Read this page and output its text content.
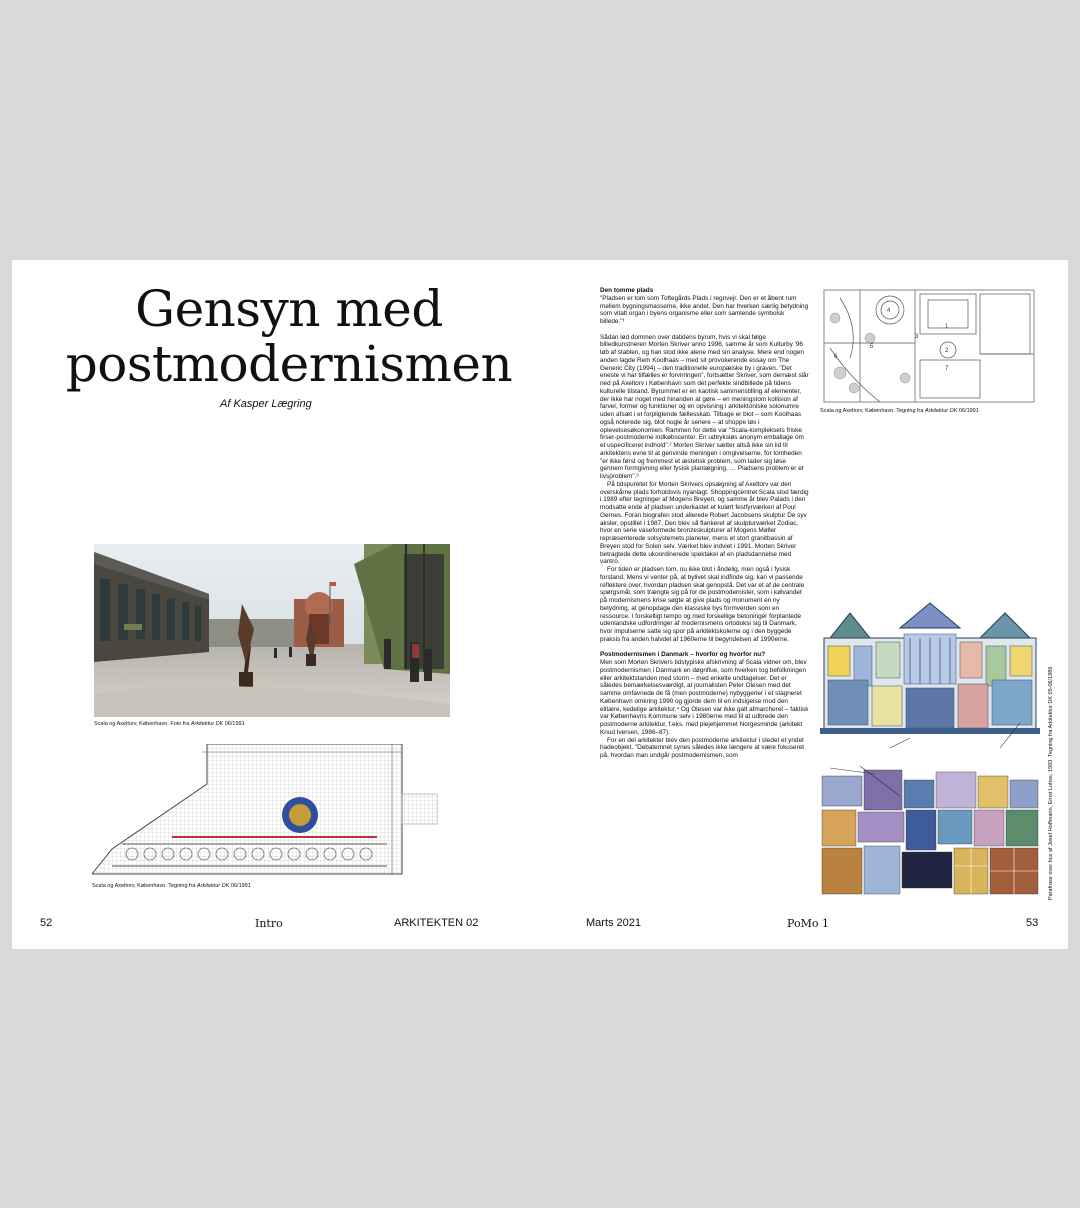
Gensyn med
postmodernismen
Af Kasper Lægring
Scala og Axeltorv, København. Foto fra Arkitektur DK 06/1991
Scala og Axeltorv, København. Tegning fra Arkitektur DK 06/1991
Den tomme plads

"Pladsen er tom som Toftegårds Plads i regnvejr. Den er et åbent rum mellem bygningsmasserne, ikke andet. Den har hverken særlig betydning som vitalt organ i byens organisme eller som samlende symbolsk billede."¹

Sådan lød dommen over datidens byrum, hvis vi skal følge billedkunstneren Morten Skriver anno 1996, samme år som Kulturby '96 løb af stablen, og han stod ikke alene med sin analyse. Mere end nogen anden lagde Rem Koolhaas – med sit provokerende essay om The Generic City (1994) – den traditionelle europæiske by i graven. "Det eneste vi har tilfælles er forvirringen", fortsætter Skriver, som dernæst slår ned på Axeltorv i København som det perfekte sindbillede på tidens kulturelle tilstand. Byrummet er en kaotisk sammenstilling af elementer, der ikke har noget med hinanden at gøre – en meningstom kollision af farver, former og funktioner og en opvisning i arkitektoniske solonumre uden afsæt i et forpligtende fællesskab. Tilbage er blot – som Koolhaas også noterede sig, blot nogle år senere – at shoppe løs i oplevelsesøkonomien. Rammen for dette var "Scala-kompleksets friske firser-postmoderne indkøbscenter. En udtryksløs anonym emballage om et uspecificeret indhold".² Morten Skriver sætter altså ikke sin lid til arkitektens evne til at genvinde meningen i omgivelserne, for tomheden "er ikke først og fremmest et æstetisk problem, som lader sig løse gennem formgivning eller fysisk planlægning. … Pladsens problem er et livsproblem".³

På tidspunktet for Morten Skrivers opsægning af Axeltorv var den overskårne plads forholdsvis nyanlagt. Shoppingcentret Scala stod færdig i 1989 efter tegninger af Mogens Breyen, og samme år blev Palads i den modsatte ende af pladsen underkastet et kulørt festfyrværkeri af Poul Gernes. Foran biografen stod allerede Robert Jacobsens skulptur De syv aksler, opstillet i 1987. Den blev så flankeret af skulpturværket Zodiac, hvor en serie vaseformede bronzeskulpturer af Mogens Møller repræsenterede solsystemets planeter, mens et stort granitbassin af Breyen stod for Solen selv. Værket blev indviet i 1991. Morten Skriver betragtede dette ukoordinerede spektakel af en pladsdannelse med vantro.

For tiden er pladsen tom, nu ikke blot i åndelig, men også i fysisk forstand. Mens vi venter på, at bylivet skal indfinde sig, kan vi passende reflektere over, hvordan pladsen skal genopstå. Det var et af de centrale spørgsmål, som trængte sig på for de postmodernister, som i kølvandet på modernismens krise søgte at give plads og monument en ny betydning, at genopdage den klassiske bys formverden som en ressource. I forskelligt tempo og med forskellige betoninger forplantede udenlandske udfordringer af modernismens ortodoksi sig til Danmark, hvor impulserne satte sig spor på arkitektskolerne og i den byggede praksis fra anden halvdel af 1960erne til begyndelsen af 1990erne.

Postmodernismen i Danmark – hvorfor og hvorfor nu?

Men som Morten Skrivers tidstypiske afskrivning af Scala vidner om, blev postmodernismen i Danmark en døgnflue, som hverken tog befolkningen eller arkitektstanden med storm – med enkelte undtagelser. Det er således bemærkelsesværdigt, at journalisten Peter Olesen med det samme omfavnede de få (men postmoderne) nybyggerier i et stagneret København omkring 1990 og gjorde dem til en indsigelse mod den elitære, kedelige arkitektur.⁴ Og Olesen var ikke galt afmarcheret – faktisk var Københavns Kommune selv i 1980erne med til at udbrede den postmoderne arkitektur, f.eks. med plejehjemmet Norgesminde (arkitekt Knud Iversen, 1986–87).

For en del arkitekter blev den postmoderne arkitektur i stedet et yndet hadeobjekt. "Debatemnet synes således ikke længere at være fokuseret på, hvordan man undgår postmodernismen, som

4
1
2
5
6
7
3
Scala og Axeltorv, København. Tegning fra Arkitektur DK 06/1991
Parafrase over hus af Josef Hoffmann, Ernst Lohse, 1983. Tegning fra Arkitektur DK 05-06/1986
52	Intro	ARKITEKTEN 02	Marts 2021	PoMo 1	53
